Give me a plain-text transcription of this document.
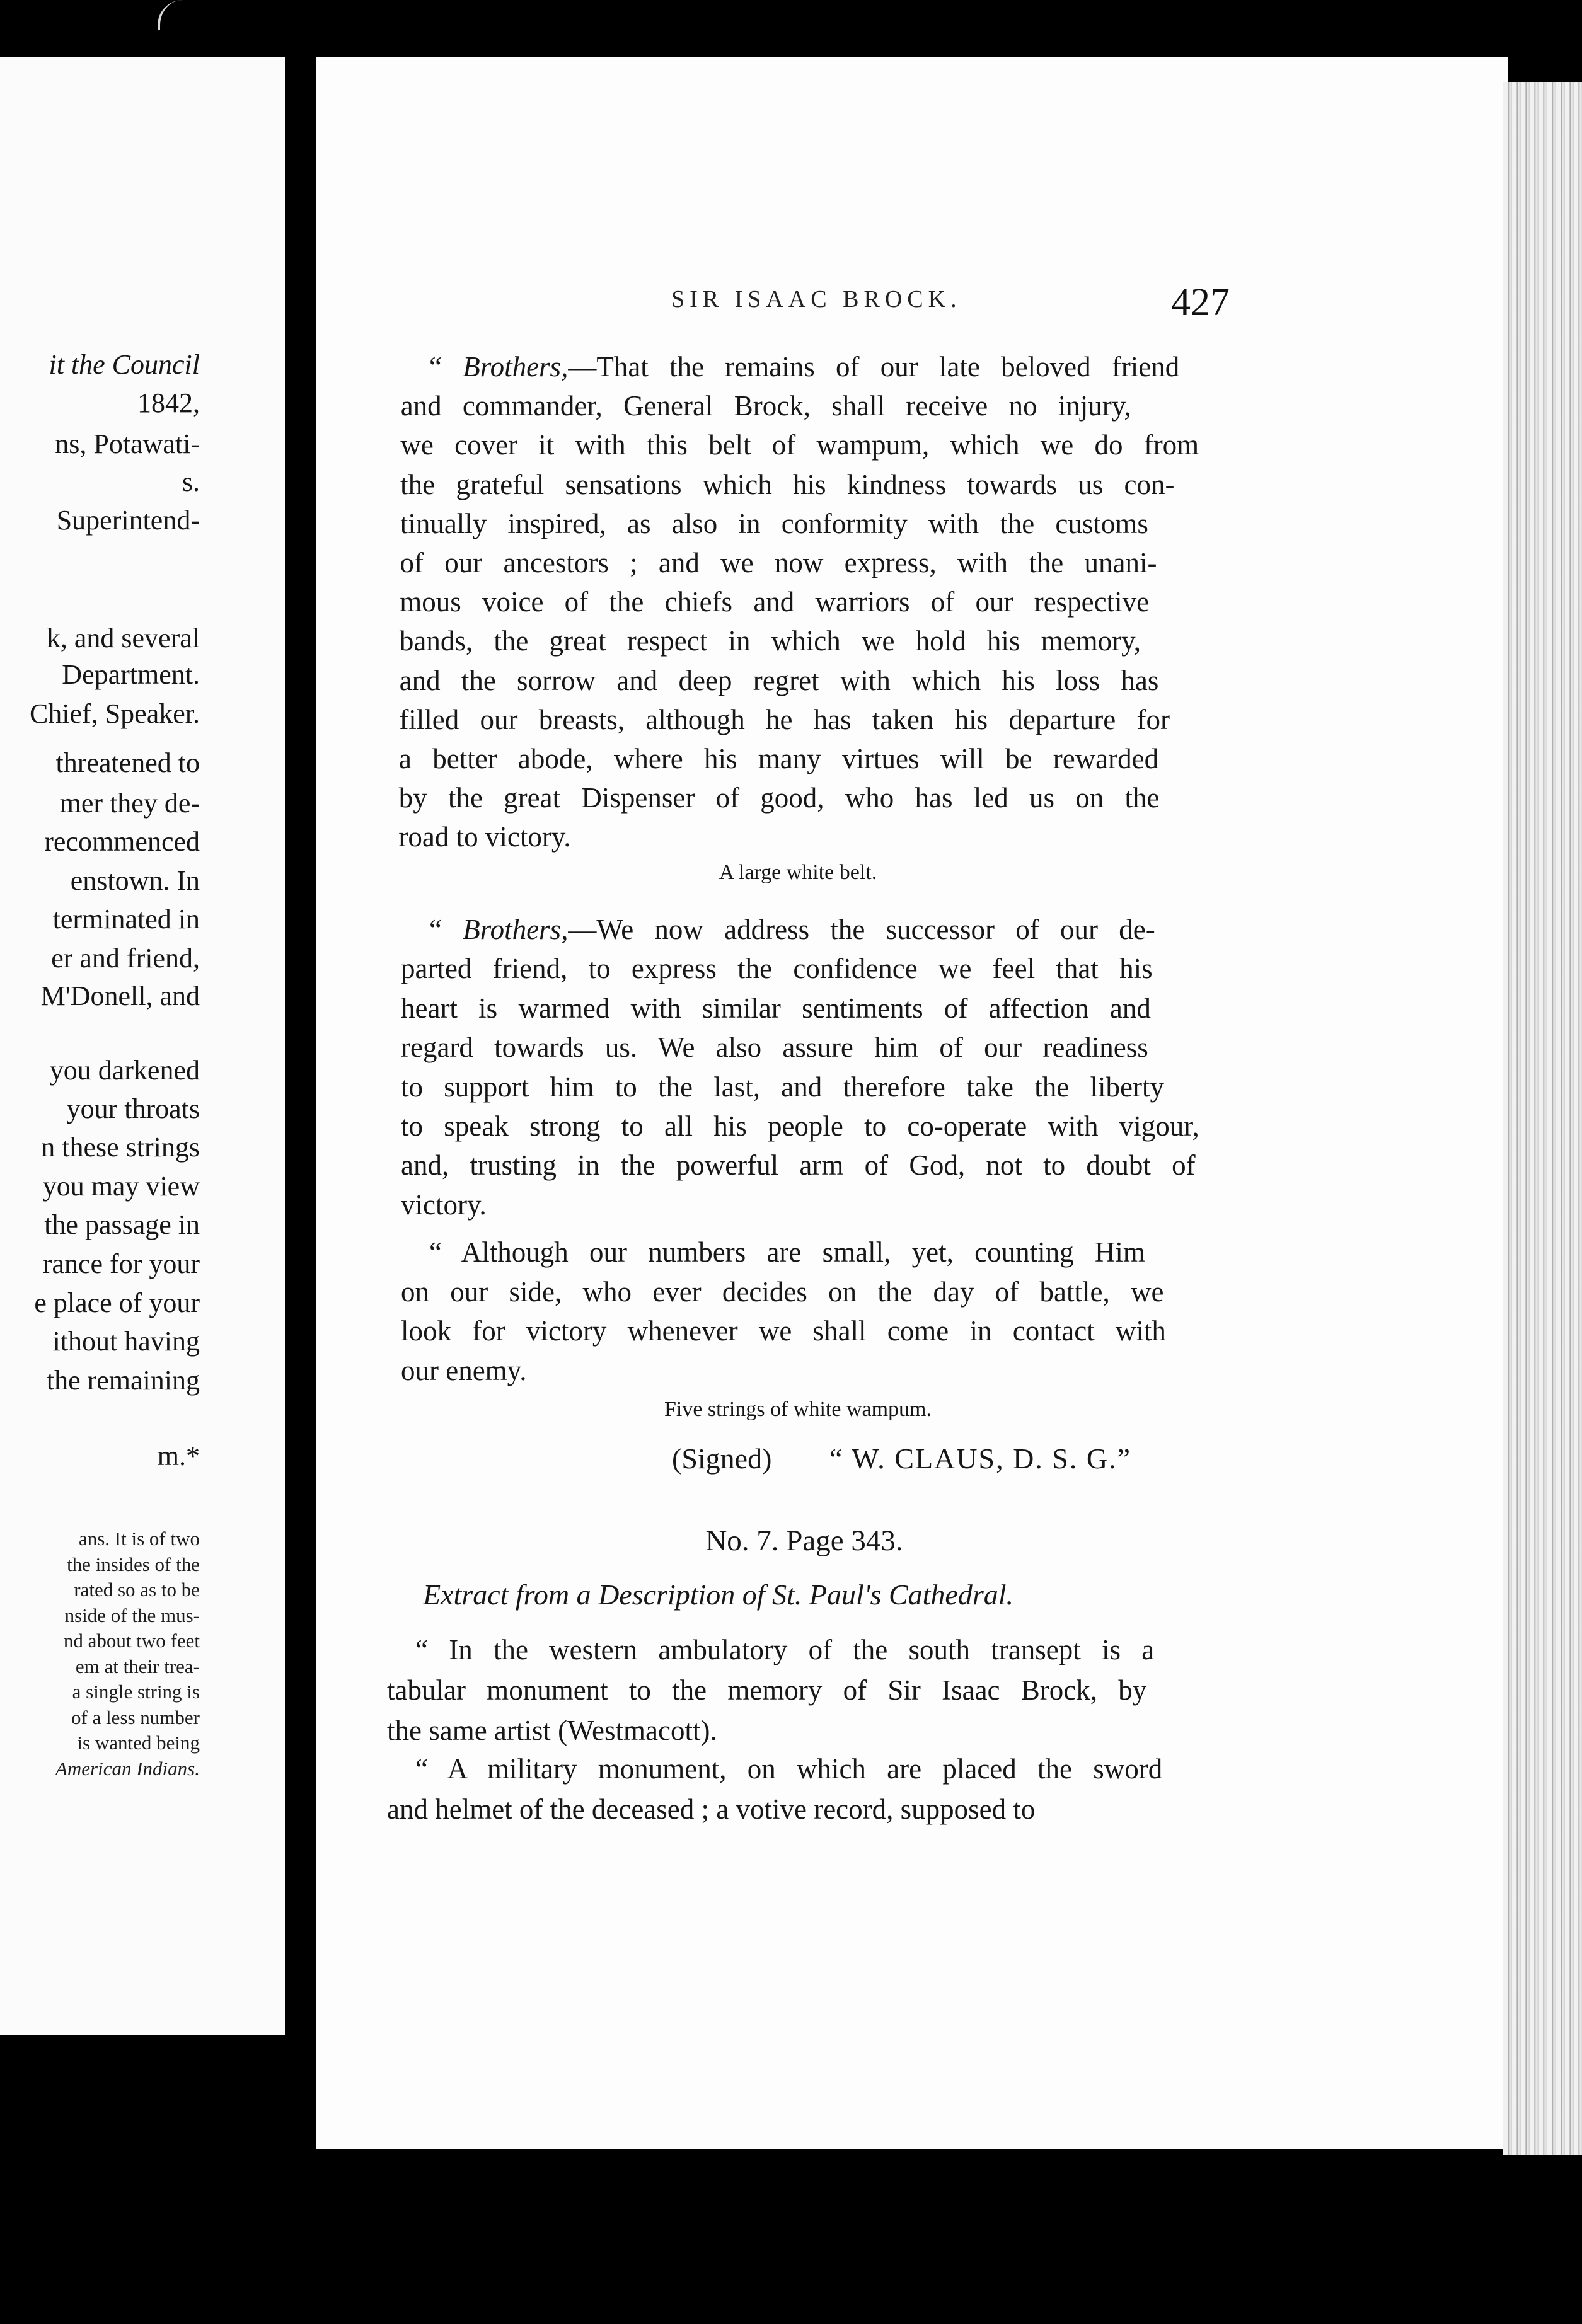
it the Council
1842,
ns, Potawati-
s.
Superintend-
k, and several
Department.
Chief, Speaker.
threatened to
mer they de-
recommenced
enstown. In
terminated in
er and friend,
M'Donell, and
you darkened
your throats
n these strings
you may view
the passage in
rance for your
e place of your
ithout having
the remaining
m.*
ans. It is of two
the insides of the
rated so as to be
nside of the mus-
nd about two feet
em at their trea-
a single string is
of a less number
is wanted being
American Indians.
SIR ISAAC BROCK.	427
“ Brothers,—That the remains of our late beloved friend
and commander, General Brock, shall receive no injury,
we cover it with this belt of wampum, which we do from
the grateful sensations which his kindness towards us con-
tinually inspired, as also in conformity with the customs
of our ancestors ; and we now express, with the unani-
mous voice of the chiefs and warriors of our respective
bands, the great respect in which we hold his memory,
and the sorrow and deep regret with which his loss has
filled our breasts, although he has taken his departure for
a better abode, where his many virtues will be rewarded
by the great Dispenser of good, who has led us on the
road to victory.
A large white belt.
“ Brothers,—We now address the successor of our de-
parted friend, to express the confidence we feel that his
heart is warmed with similar sentiments of affection and
regard towards us. We also assure him of our readiness
to support him to the last, and therefore take the liberty
to speak strong to all his people to co-operate with vigour,
and, trusting in the powerful arm of God, not to doubt of
victory.
“ Although our numbers are small, yet, counting Him
on our side, who ever decides on the day of battle, we
look for victory whenever we shall come in contact with
our enemy.
Five strings of white wampum.
(Signed) “ W. CLAUS, D. S. G.”
No. 7. Page 343.
Extract from a Description of St. Paul's Cathedral.
“ In the western ambulatory of the south transept is a
tabular monument to the memory of Sir Isaac Brock, by
the same artist (Westmacott).
“ A military monument, on which are placed the sword
and helmet of the deceased ; a votive record, supposed to
